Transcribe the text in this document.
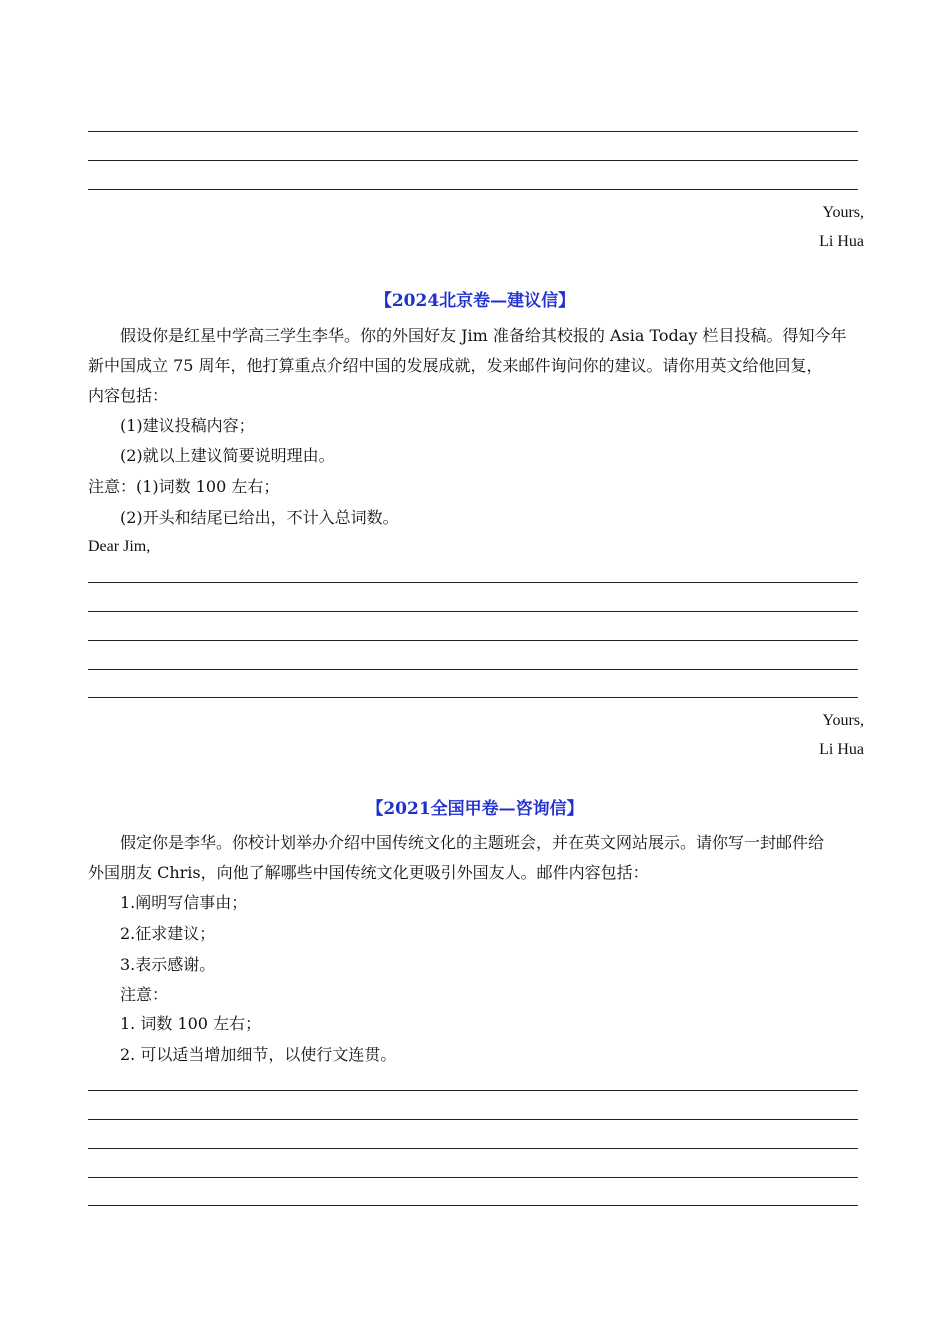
Yours,
Li Hua
【2024北京卷—建议信】
假设你是红星中学高三学生李华。你的外国好友 Jim 准备给其校报的 Asia Today 栏目投稿。得知今年
新中国成立 75 周年，他打算重点介绍中国的发展成就，发来邮件询问你的建议。请你用英文给他回复，
内容包括：
(1)建议投稿内容；
(2)就以上建议简要说明理由。
注意：(1)词数 100 左右；
(2)开头和结尾已给出，不计入总词数。
Dear Jim,
Yours,
Li Hua
【2021全国甲卷—咨询信】
假定你是李华。你校计划举办介绍中国传统文化的主题班会，并在英文网站展示。请你写一封邮件给
外国朋友 Chris，向他了解哪些中国传统文化更吸引外国友人。邮件内容包括：
1.阐明写信事由；
2.征求建议；
3.表示感谢。
注意：
1. 词数 100 左右；
2. 可以适当增加细节，以使行文连贯。
